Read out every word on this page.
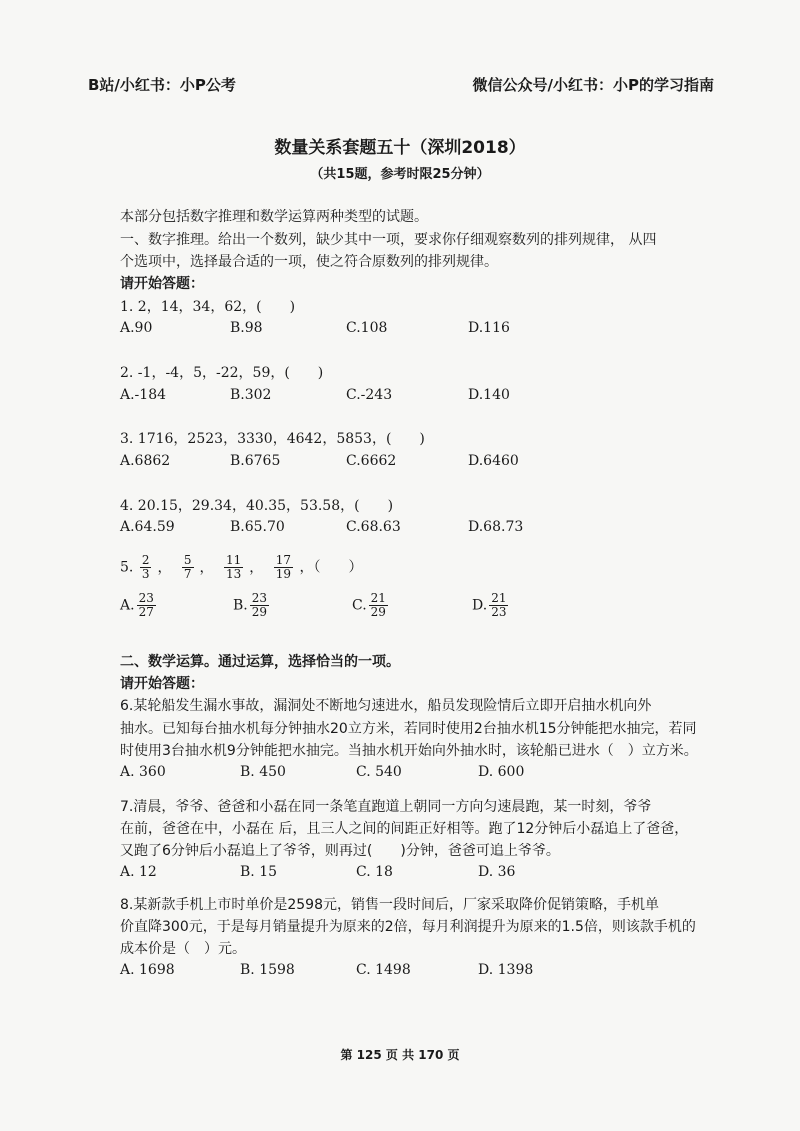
B站/小红书：小P公考	微信公众号/小红书：小P的学习指南
数量关系套题五十（深圳2018）
（共15题，参考时限25分钟）
本部分包括数字推理和数学运算两种类型的试题。
一、数字推理。给出一个数列，缺少其中一项，要求你仔细观察数列的排列规律， 从四
个选项中，选择最合适的一项，使之符合原数列的排列规律。
请开始答题：
1. 2，14，34，62，(　　)
A.90	B.98	C.108	D.116
2. -1，-4，5，-22，59，(　　)
A.-184	B.302	C.-243	D.140
3. 1716，2523，3330，4642，5853，(　　)
A.6862	B.6765	C.6662	D.6460
4. 20.15，29.34，40.35，53.58，(　　)
A.64.59	B.65.70	C.68.63	D.68.73
5. $\frac{2}{3}$ ， $\frac{5}{7}$ ， $\frac{11}{13}$ ， $\frac{17}{19}$ ，（　　）
A. $\frac{23}{27}$	B. $\frac{23}{29}$	C. $\frac{21}{29}$	D. $\frac{21}{23}$
二、数学运算。通过运算，选择恰当的一项。
请开始答题：
6.某轮船发生漏水事故，漏洞处不断地匀速进水，船员发现险情后立即开启抽水机向外
抽水。已知每台抽水机每分钟抽水20立方米，若同时使用2台抽水机15分钟能把水抽完，若同
时使用3台抽水机9分钟能把水抽完。当抽水机开始向外抽水时，该轮船已进水（　）立方米。
A. 360	B. 450	C. 540	D. 600
7.清晨，爷爷、爸爸和小磊在同一条笔直跑道上朝同一方向匀速晨跑，某一时刻，爷爷
在前，爸爸在中，小磊在 后，且三人之间的间距正好相等。跑了12分钟后小磊追上了爸爸，
又跑了6分钟后小磊追上了爷爷，则再过(　　)分钟，爸爸可追上爷爷。
A. 12	B. 15	C. 18	D. 36
8.某新款手机上市时单价是2598元，销售一段时间后，厂家采取降价促销策略，手机单
价直降300元，于是每月销量提升为原来的2倍，每月利润提升为原来的1.5倍，则该款手机的
成本价是（　）元。
A. 1698	B. 1598	C. 1498	D. 1398
第 125 页 共 170 页
